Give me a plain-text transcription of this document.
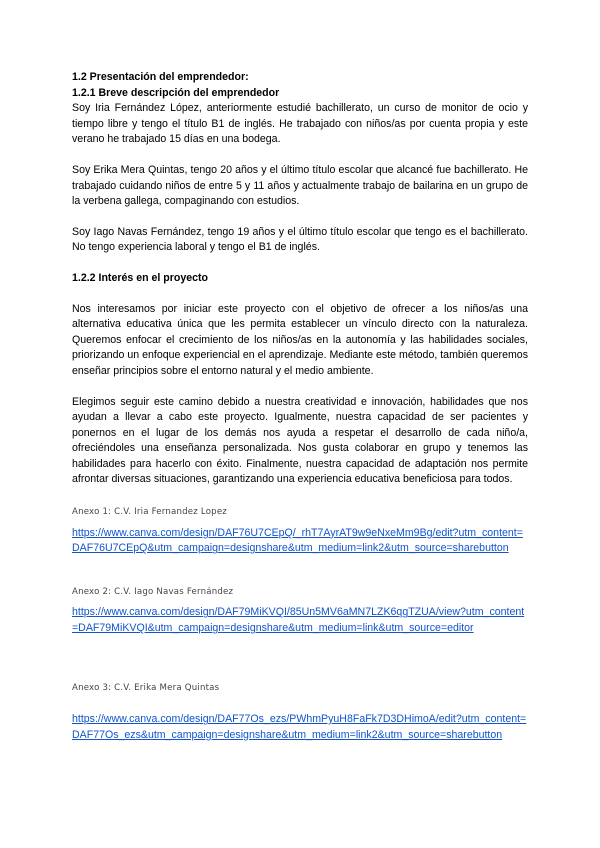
1.2 Presentación del emprendedor:

1.2.1 Breve descripción del emprendedor

Soy Iria Fernández López, anteriormente estudié bachillerato, un curso de monitor de ocio y tiempo libre y tengo el título B1 de inglés. He trabajado con niños/as por cuenta propia y este verano he trabajado 15 días en una bodega.

Soy Erika Mera Quintas, tengo 20 años y el último título escolar que alcancé fue bachillerato. He trabajado cuidando niños de entre 5 y 11 años y actualmente trabajo de bailarina en un grupo de la verbena gallega, compaginando con estudios.

Soy Iago Navas Fernández, tengo 19 años y el último título escolar que tengo es el bachillerato. No tengo experiencia laboral y tengo el B1 de inglés.

1.2.2 Interés en el proyecto

Nos interesamos por iniciar este proyecto con el objetivo de ofrecer a los niños/as una alternativa educativa única que les permita establecer un vínculo directo con la naturaleza. Queremos enfocar el crecimiento de los niños/as en la autonomía y las habilidades sociales, priorizando un enfoque experiencial en el aprendizaje. Mediante este método, también queremos enseñar principios sobre el entorno natural y el medio ambiente.

Elegimos seguir este camino debido a nuestra creatividad e innovación, habilidades que nos ayudan a llevar a cabo este proyecto. Igualmente, nuestra capacidad de ser pacientes y ponernos en el lugar de los demás nos ayuda a respetar el desarrollo de cada niño/a, ofreciéndoles una enseñanza personalizada. Nos gusta colaborar en grupo y tenemos las habilidades para hacerlo con éxito. Finalmente, nuestra capacidad de adaptación nos permite afrontar diversas situaciones, garantizando una experiencia educativa beneficiosa para todos.

Anexo 1: C.V. Iria Fernandez Lopez

https://www.canva.com/design/DAF76U7CEpQ/_rhT7AyrAT9w9eNxeMm9Bg/edit?utm_content=DAF76U7CEpQ&utm_campaign=designshare&utm_medium=link2&utm_source=sharebutton

Anexo 2: C.V. Iago Navas Fernández

https://www.canva.com/design/DAF79MiKVQI/85Un5MV6aMN7LZK6qgTZUA/view?utm_content=DAF79MiKVQI&utm_campaign=designshare&utm_medium=link&utm_source=editor

Anexo 3: C.V. Erika Mera Quintas

https://www.canva.com/design/DAF77Os_ezs/PWhmPyuH8FaFk7D3DHimoA/edit?utm_content=DAF77Os_ezs&utm_campaign=designshare&utm_medium=link2&utm_source=sharebutton
